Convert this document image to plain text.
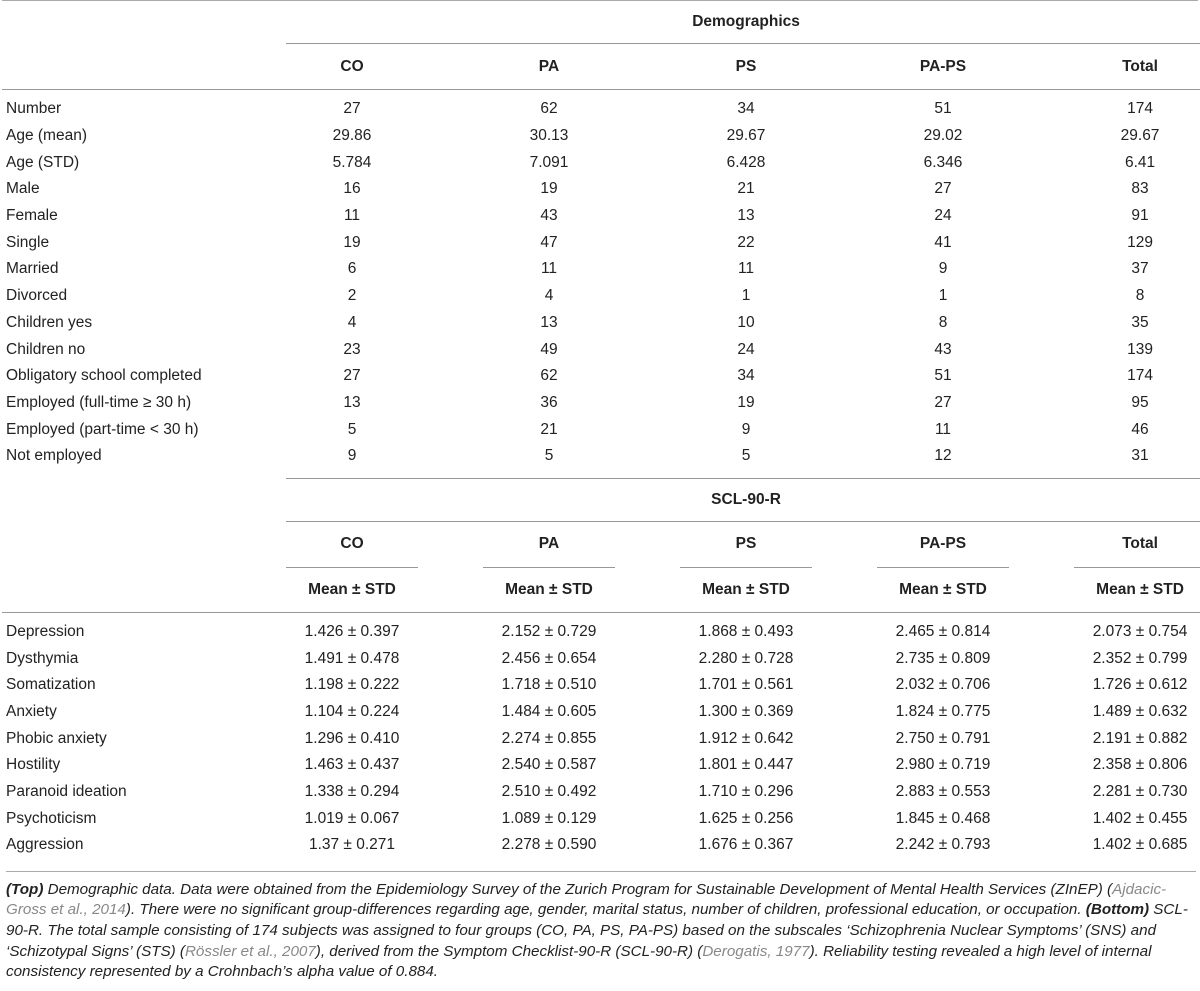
	Demographics								
	CO		PA		PS		PA-PS		Total

Number	27		62		34		51		174
Age (mean)	29.86		30.13		29.67		29.02		29.67
Age (STD)	5.784		7.091		6.428		6.346		6.41
Male	16		19		21		27		83
Female	11		43		13		24		91
Single	19		47		22		41		129
Married	6		11		11		9		37
Divorced	2		4		1		1		8
Children yes	4		13		10		8		35
Children no	23		49		24		43		139
Obligatory school completed	27		62		34		51		174
Employed (full-time ≥ 30 h)	13		36		19		27		95
Employed (part-time < 30 h)	5		21		9		11		46
Not employed	9		5		5		12		31

	SCL-90-R								
	CO		PA		PS		PA-PS		Total
	Mean ± STD		Mean ± STD		Mean ± STD		Mean ± STD		Mean ± STD

Depression	1.426 ± 0.397		2.152 ± 0.729		1.868 ± 0.493		2.465 ± 0.814		2.073 ± 0.754
Dysthymia	1.491 ± 0.478		2.456 ± 0.654		2.280 ± 0.728		2.735 ± 0.809		2.352 ± 0.799
Somatization	1.198 ± 0.222		1.718 ± 0.510		1.701 ± 0.561		2.032 ± 0.706		1.726 ± 0.612
Anxiety	1.104 ± 0.224		1.484 ± 0.605		1.300 ± 0.369		1.824 ± 0.775		1.489 ± 0.632
Phobic anxiety	1.296 ± 0.410		2.274 ± 0.855		1.912 ± 0.642		2.750 ± 0.791		2.191 ± 0.882
Hostility	1.463 ± 0.437		2.540 ± 0.587		1.801 ± 0.447		2.980 ± 0.719		2.358 ± 0.806
Paranoid ideation	1.338 ± 0.294		2.510 ± 0.492		1.710 ± 0.296		2.883 ± 0.553		2.281 ± 0.730
Psychoticism	1.019 ± 0.067		1.089 ± 0.129		1.625 ± 0.256		1.845 ± 0.468		1.402 ± 0.455
Aggression	1.37 ± 0.271		2.278 ± 0.590		1.676 ± 0.367		2.242 ± 0.793		1.402 ± 0.685

(Top) Demographic data. Data were obtained from the Epidemiology Survey of the Zurich Program for Sustainable Development of Mental Health Services (ZInEP) (Ajdacic-Gross et al., 2014). There were no significant group-differences regarding age, gender, marital status, number of children, professional education, or occupation. (Bottom) SCL-90-R. The total sample consisting of 174 subjects was assigned to four groups (CO, PA, PS, PA-PS) based on the subscales ‘Schizophrenia Nuclear Symptoms’ (SNS) and ‘Schizotypal Signs’ (STS) (Rössler et al., 2007), derived from the Symptom Checklist-90-R (SCL-90-R) (Derogatis, 1977). Reliability testing revealed a high level of internal consistency represented by a Crohnbach’s alpha value of 0.884.
